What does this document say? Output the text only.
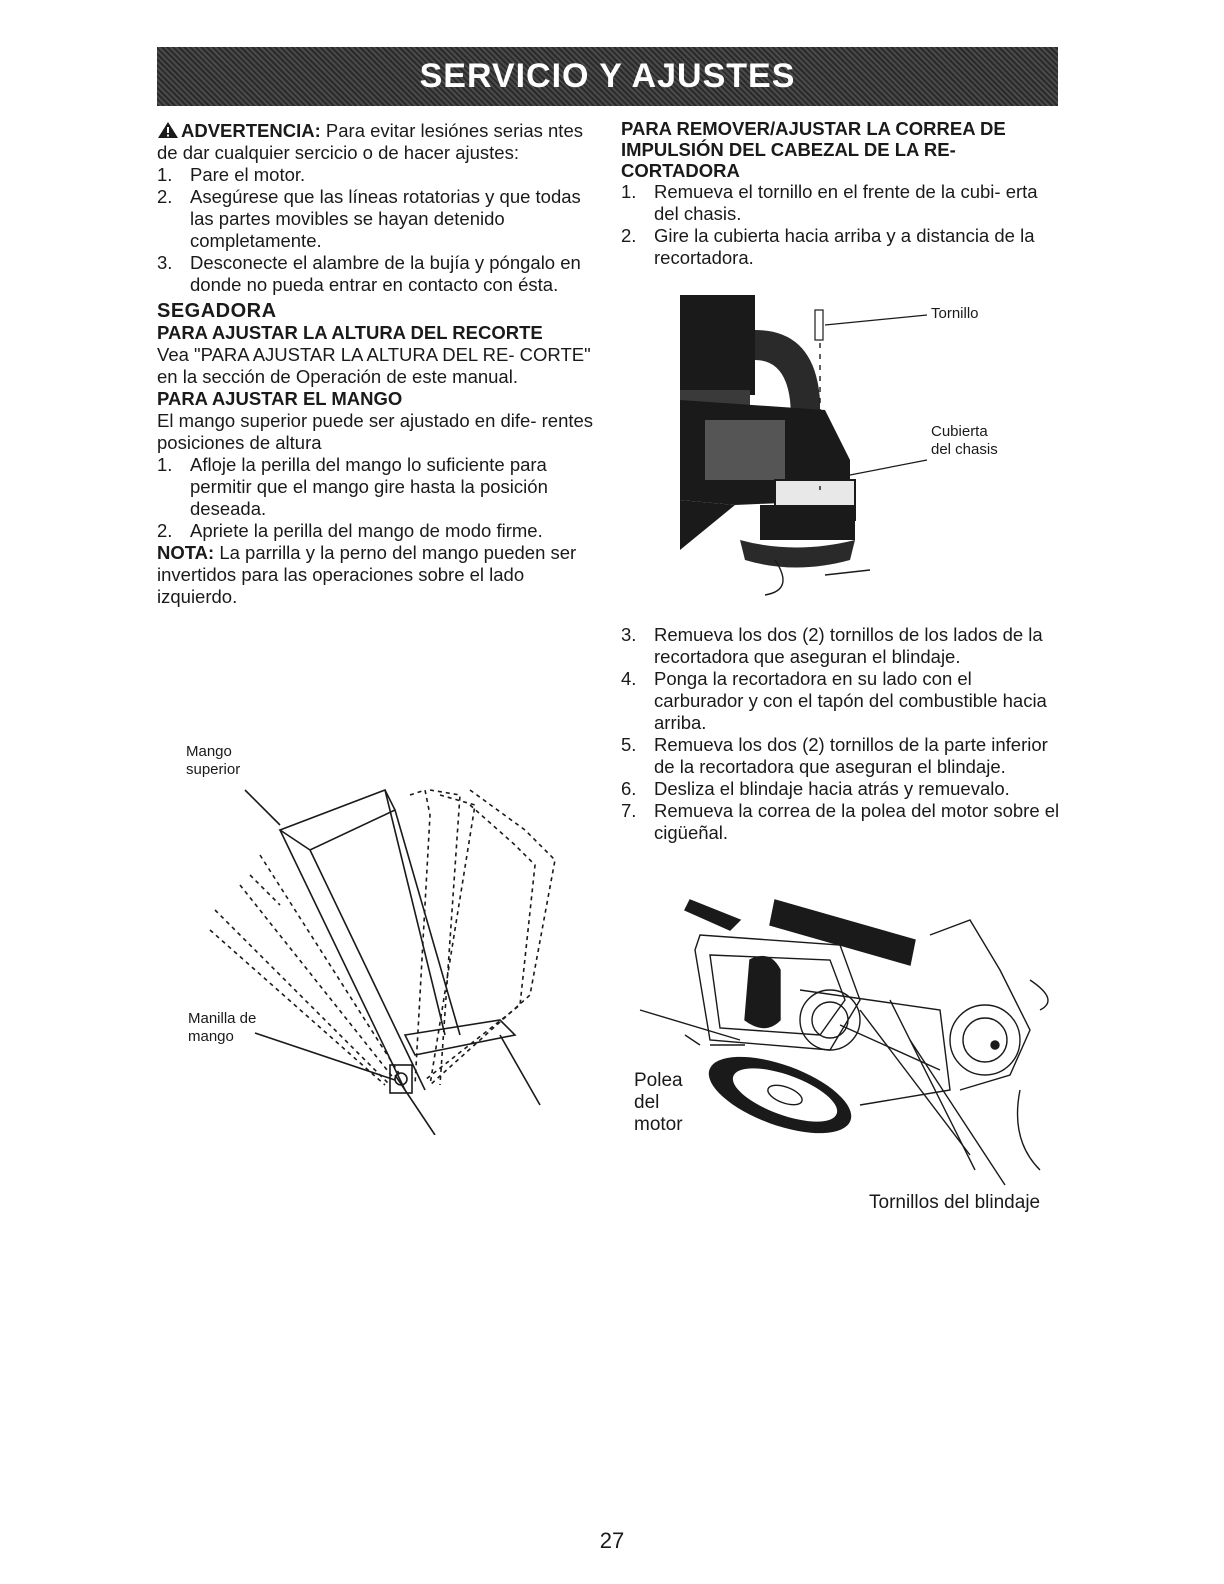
SERVICIO Y AJUSTES

ADVERTENCIA: Para evitar lesiónes serias ntes de dar cualquier sercicio o de hacer ajustes:

1. Pare el motor.
2. Asegúrese que las líneas rotatorias y que todas las partes movibles se hayan detenido completamente.
3. Desconecte el alambre de la bujía y póngalo en donde no pueda entrar en contacto con ésta.

SEGADORA

PARA AJUSTAR LA ALTURA DEL RECORTE

Vea "PARA AJUSTAR LA ALTURA DEL RE- CORTE" en la sección de Operación de este manual.

PARA AJUSTAR EL MANGO

El mango superior puede ser ajustado en dife- rentes posiciones de altura

1. Afloje la perilla del mango lo suficiente para permitir que el mango gire hasta la posición deseada.
2. Apriete la perilla del mango de modo firme.

NOTA: La parrilla y la perno del mango pueden ser invertidos para las operaciones sobre el lado izquierdo.

Mango
superior
Manilla de
mango

PARA REMOVER/AJUSTAR LA CORREA DE IMPULSIÓN DEL CABEZAL DE LA RE- CORTADORA

1. Remueva el tornillo en el frente de la cubi- erta del chasis.
2. Gire la cubierta hacia arriba y a distancia de la recortadora.
Tornillo
Cubierta
del chasis
3. Remueva los dos (2) tornillos de los lados de la recortadora que aseguran el blindaje.
4. Ponga la recortadora en su lado con el carburador y con el tapón del combustible hacia arriba.
5. Remueva los dos (2) tornillos de la parte inferior de la recortadora que aseguran el blindaje.
6. Desliza el blindaje hacia atrás y remuevalo.
7. Remueva la correa de la polea del motor sobre el cigüeñal.
Polea
del
motor
Tornillos del blindaje
27
